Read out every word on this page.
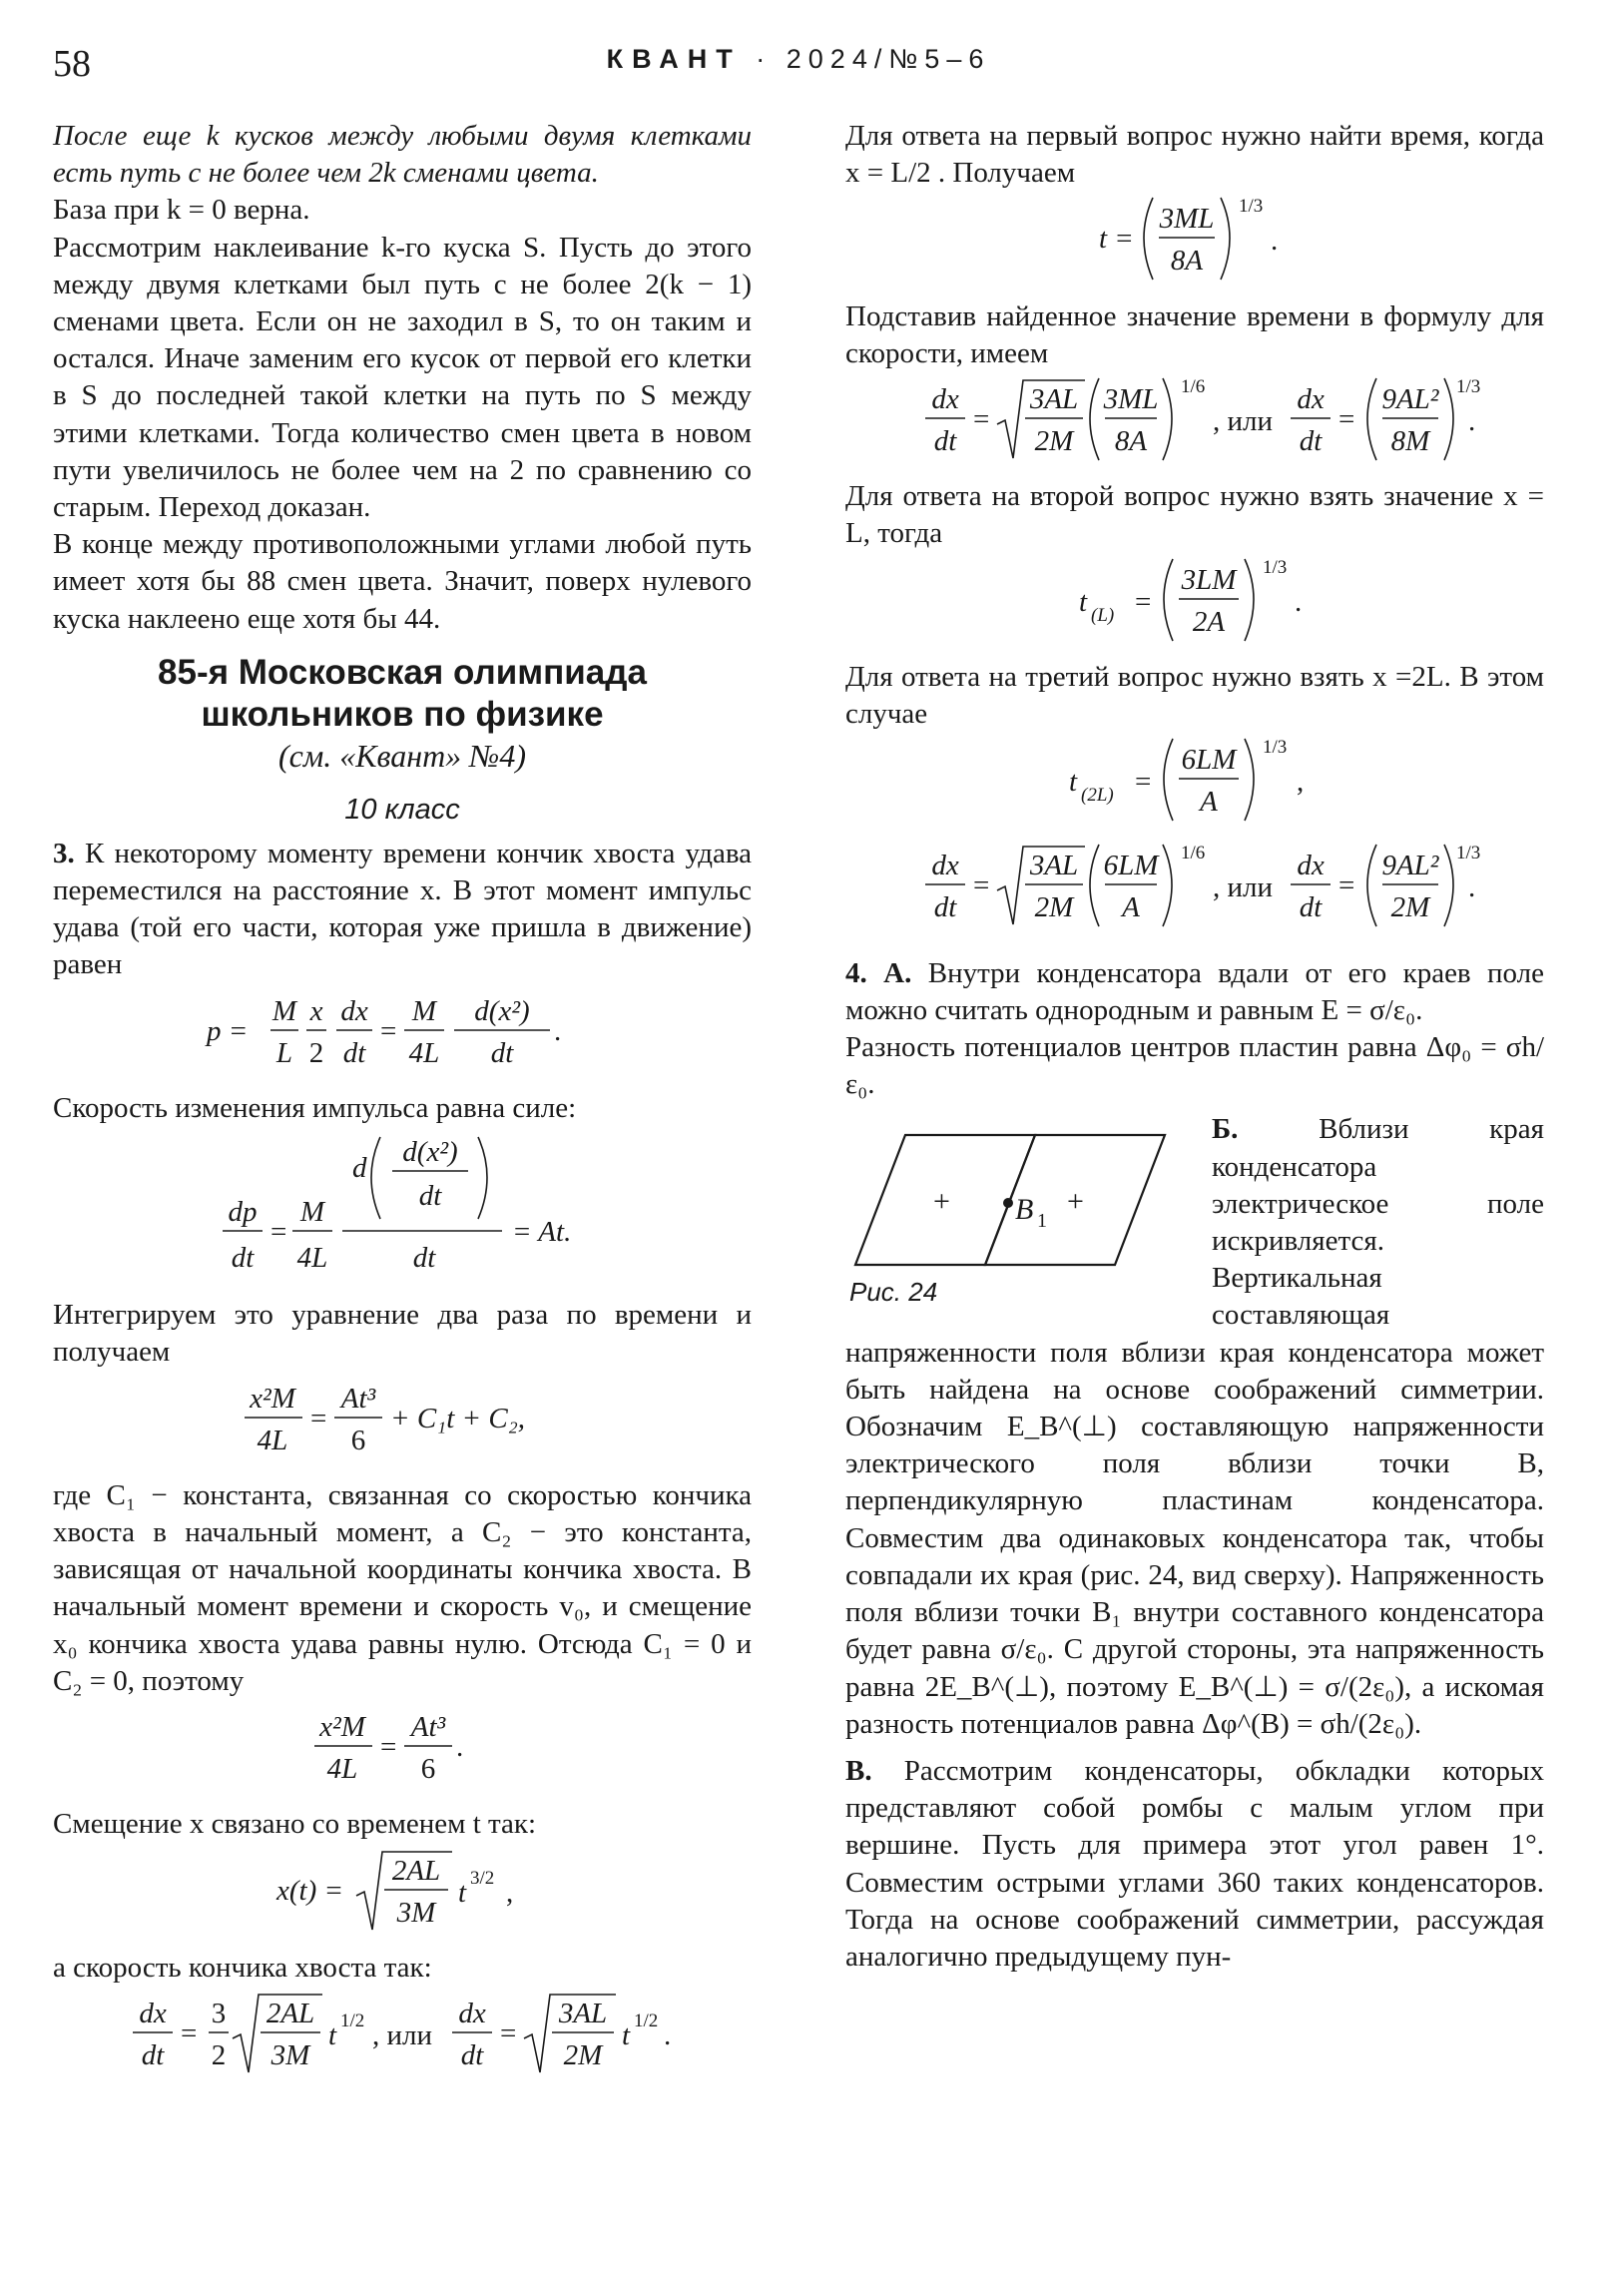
58	КВАНТ · 2024/№5–6

После еще k кусков между любыми двумя клетками есть путь с не более чем 2k сменами цвета.

База при k = 0 верна.

Рассмотрим наклеивание k-го куска S. Пусть до этого между двумя клетками был путь с не более 2(k − 1) сменами цвета. Если он не заходил в S, то он таким и остался. Иначе заменим его кусок от первой его клетки в S до последней такой клетки на путь по S между этими клетками. Тогда количество смен цвета в новом пути увеличилось не более чем на 2 по сравнению со старым. Переход доказан.

В конце между противоположными углами любой путь имеет хотя бы 88 смен цвета. Значит, поверх нулевого куска наклеено еще хотя бы 44.

85-я Московская олимпиада
школьников по физике
(см. «Квант» №4)
10 класс

3. К некоторому моменту времени кончик хвоста удава переместился на расстояние x. В этот момент импульс удава (той его части, которая уже пришла в движение) равен

p =
M
L
x
2
dx
dt
=
M
4L
d(x²)
dt
.

Скорость изменения импульса равна силе:

dp
dt
=
M
4L
d d(x²)
dt
dt
= At.

Интегрируем это уравнение два раза по времени и получаем

x²M
4L
=
At³
6
+ C₁t + C₂,

где C₁ − константа, связанная со скоростью кончика хвоста в начальный момент, а C₂ − это константа, зависящая от начальной координаты кончика хвоста. В начальный момент времени и скорость v₀, и смещение x₀ кончика хвоста удава равны нулю. Отсюда C₁ = 0 и C₂ = 0, поэтому

x²M
4L
=
At³
6
.

Смещение x связано со временем t так:

x(t) =
2AL
3M
t 3/2 ,

а скорость кончика хвоста так:

dx
dt
=
3
2
2AL
3M
t 1/2 , или
dx
dt
=
3AL
2M
t 1/2 .

Для ответа на первый вопрос нужно найти время, когда x = L/2 . Получаем

t =
3ML
8A
1/3
.

Подставив найденное значение времени в формулу для скорости, имеем

dx
dt
=
3AL
2M
3ML
8A
1/6
, или
dx
dt
=
9AL²
8M
1/3
.

Для ответа на второй вопрос нужно взять значение x = L, тогда

t (L) =
3LM
2A
1/3
.

Для ответа на третий вопрос нужно взять x =2L. В этом случае

t (2L) =
6LM
A
1/3
,
dx
dt
=
3AL
2M
6LM
A
1/6
, или
dx
dt
=
9AL²
2M
1/3
.

4. А. Внутри конденсатора вдали от его краев поле можно считать однородным и равным E = σ/ε₀.

Разность потенциалов центров пластин равна Δφ₀ = σh/ε₀.

+	+
B 1
Рис. 24
Б.	Вблизи края конденсатора электрическое поле искривляется. Вертикальная составляющая напряженности поля вблизи края конденсатора может быть найдена на основе соображений симметрии. Обозначим E_B^(⊥) составляющую напряженности электрического поля вблизи точки B, перпендикулярную пластинам конденсатора. Совместим два одинаковых конденсатора так, чтобы совпадали их края (рис. 24, вид сверху). Напряженность поля вблизи точки B₁ внутри составного конденсатора будет равна σ/ε₀. С другой стороны, эта напряженность равна 2E_B^(⊥), поэтому E_B^(⊥) = σ/(2ε₀), а искомая разность потенциалов равна Δφ^(B) = σh/(2ε₀).

В. Рассмотрим конденсаторы, обкладки которых представляют собой ромбы с малым углом при вершине. Пусть для примера этот угол равен 1°. Совместим острыми углами 360 таких конденсаторов. Тогда на основе соображений симметрии, рассуждая аналогично предыдущему пун-
